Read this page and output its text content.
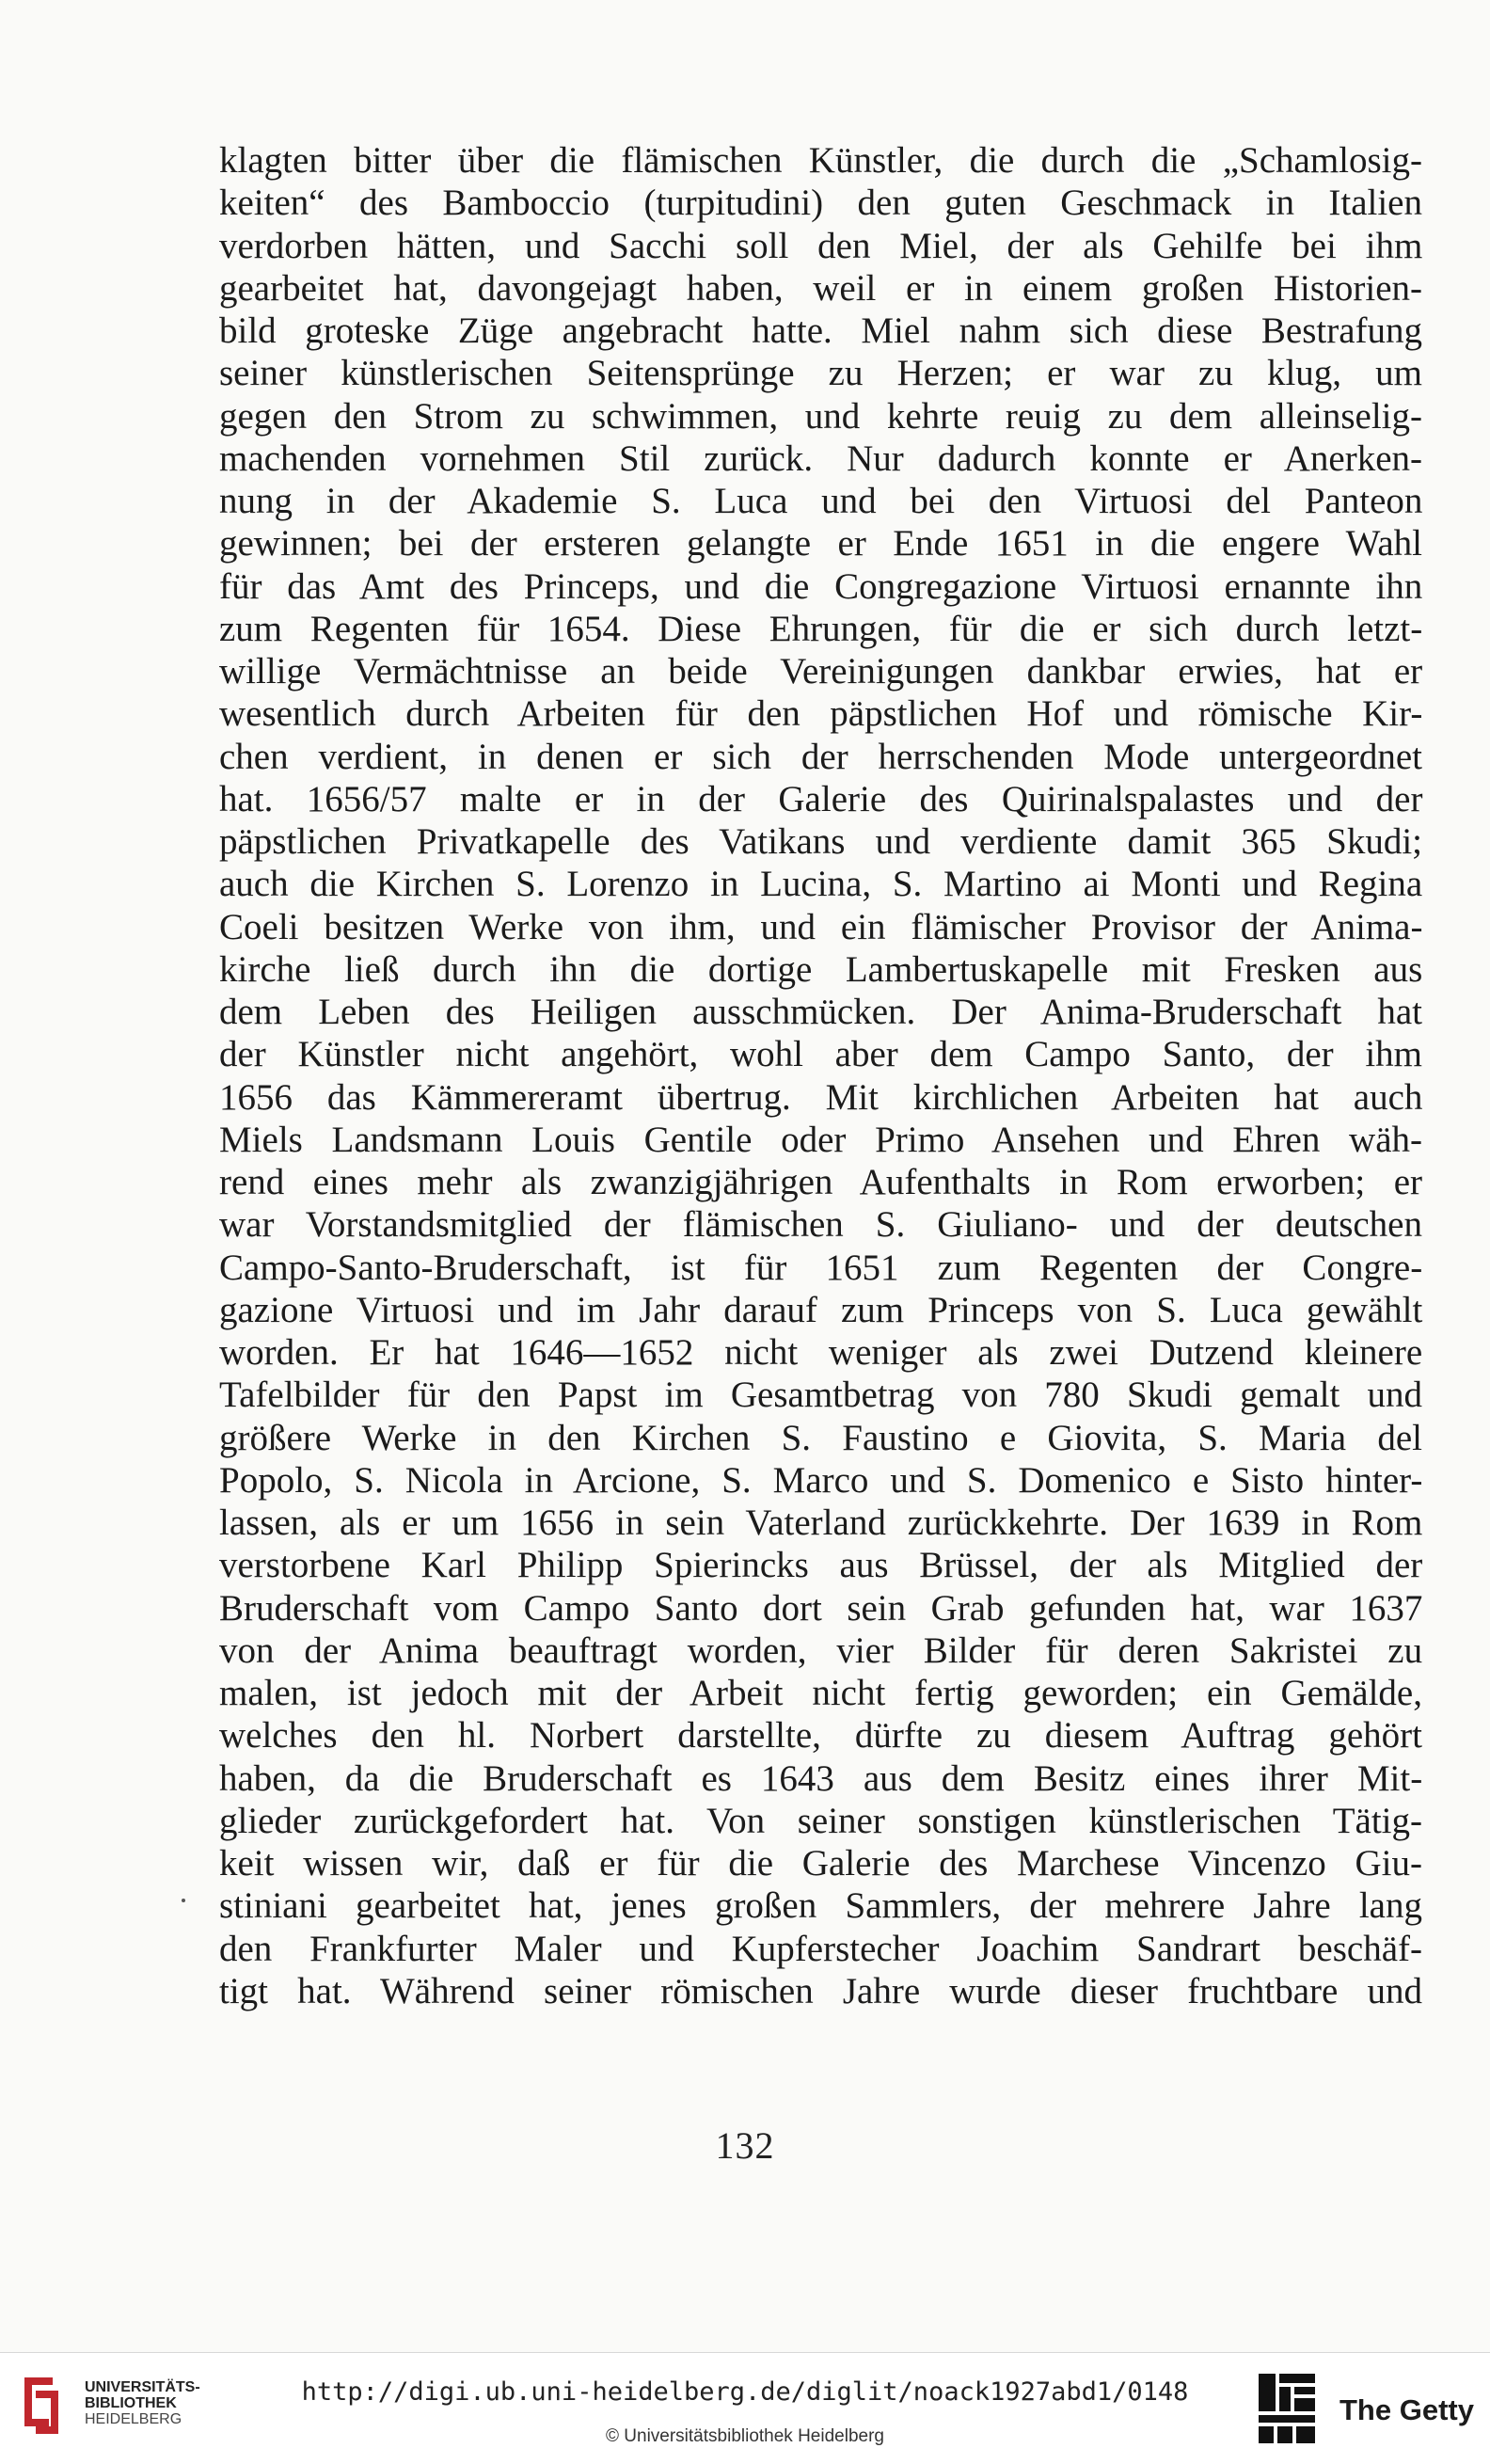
klagten bitter über die flämischen Künstler, die durch die „Schamlosig-
keiten“ des Bamboccio (turpitudini) den guten Geschmack in Italien
verdorben hätten, und Sacchi soll den Miel, der als Gehilfe bei ihm
gearbeitet hat, davongejagt haben, weil er in einem großen Historien-
bild groteske Züge angebracht hatte. Miel nahm sich diese Bestrafung
seiner künstlerischen Seitensprünge zu Herzen; er war zu klug, um
gegen den Strom zu schwimmen, und kehrte reuig zu dem alleinselig-
machenden vornehmen Stil zurück. Nur dadurch konnte er Anerken-
nung in der Akademie S. Luca und bei den Virtuosi del Panteon
gewinnen; bei der ersteren gelangte er Ende 1651 in die engere Wahl
für das Amt des Princeps, und die Congregazione Virtuosi ernannte ihn
zum Regenten für 1654. Diese Ehrungen, für die er sich durch letzt-
willige Vermächtnisse an beide Vereinigungen dankbar erwies, hat er
wesentlich durch Arbeiten für den päpstlichen Hof und römische Kir-
chen verdient, in denen er sich der herrschenden Mode untergeordnet
hat. 1656/57 malte er in der Galerie des Quirinalspalastes und der
päpstlichen Privatkapelle des Vatikans und verdiente damit 365 Skudi;
auch die Kirchen S. Lorenzo in Lucina, S. Martino ai Monti und Regina
Coeli besitzen Werke von ihm, und ein flämischer Provisor der Anima-
kirche ließ durch ihn die dortige Lambertuskapelle mit Fresken aus
dem Leben des Heiligen ausschmücken. Der Anima-Bruderschaft hat
der Künstler nicht angehört, wohl aber dem Campo Santo, der ihm
1656 das Kämmereramt übertrug. Mit kirchlichen Arbeiten hat auch
Miels Landsmann Louis Gentile oder Primo Ansehen und Ehren wäh-
rend eines mehr als zwanzigjährigen Aufenthalts in Rom erworben; er
war Vorstandsmitglied der flämischen S. Giuliano- und der deutschen
Campo-Santo-Bruderschaft, ist für 1651 zum Regenten der Congre-
gazione Virtuosi und im Jahr darauf zum Princeps von S. Luca gewählt
worden. Er hat 1646—1652 nicht weniger als zwei Dutzend kleinere
Tafelbilder für den Papst im Gesamtbetrag von 780 Skudi gemalt und
größere Werke in den Kirchen S. Faustino e Giovita, S. Maria del
Popolo, S. Nicola in Arcione, S. Marco und S. Domenico e Sisto hinter-
lassen, als er um 1656 in sein Vaterland zurückkehrte. Der 1639 in Rom
verstorbene Karl Philipp Spierincks aus Brüssel, der als Mitglied der
Bruderschaft vom Campo Santo dort sein Grab gefunden hat, war 1637
von der Anima beauftragt worden, vier Bilder für deren Sakristei zu
malen, ist jedoch mit der Arbeit nicht fertig geworden; ein Gemälde,
welches den hl. Norbert darstellte, dürfte zu diesem Auftrag gehört
haben, da die Bruderschaft es 1643 aus dem Besitz eines ihrer Mit-
glieder zurückgefordert hat. Von seiner sonstigen künstlerischen Tätig-
keit wissen wir, daß er für die Galerie des Marchese Vincenzo Giu-
stiniani gearbeitet hat, jenes großen Sammlers, der mehrere Jahre lang
den Frankfurter Maler und Kupferstecher Joachim Sandrart beschäf-
tigt hat. Während seiner römischen Jahre wurde dieser fruchtbare und
132
UNIVERSITÄTS-
BIBLIOTHEK
HEIDELBERG
http://digi.ub.uni-heidelberg.de/diglit/noack1927abd1/0148
© Universitätsbibliothek Heidelberg
The Getty
